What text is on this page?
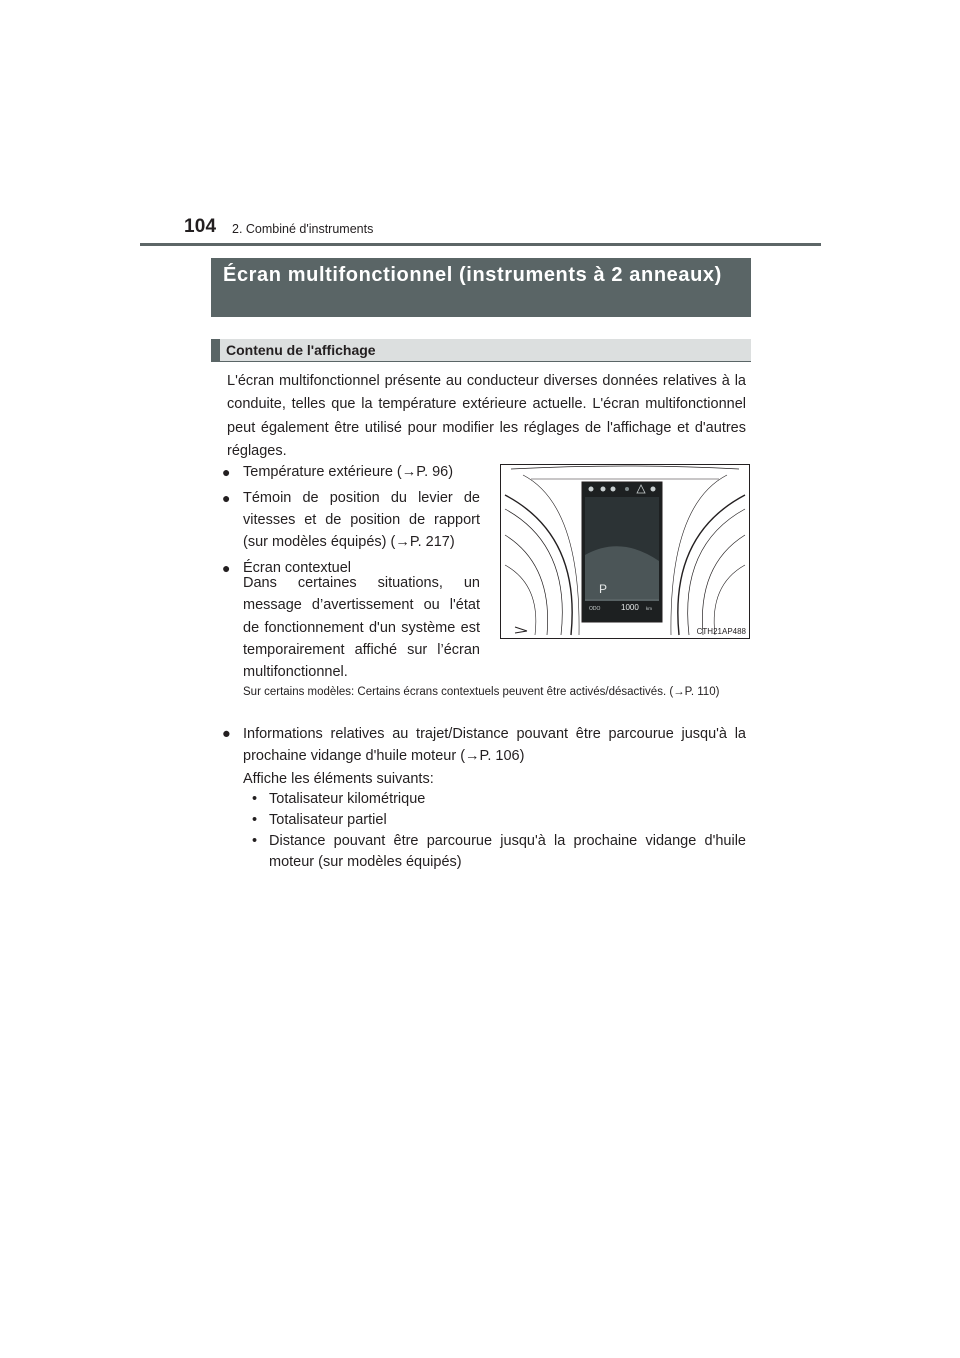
104 2. Combiné d'instruments
Écran multifonctionnel (instruments à 2 anneaux)
Contenu de l'affichage

L'écran multifonctionnel présente au conducteur diverses données relatives à la conduite, telles que la température extérieure actuelle. L'écran multifonctionnel peut également être utilisé pour modifier les réglages de l'affichage et d'autres réglages.

● Température extérieure (→P. 96)
● Témoin de position du levier de vitesses et de position de rapport (sur modèles équipés) (→P. 217)
● Écran contextuel

Dans certaines situations, un message d’avertissement ou l'état de fonctionnement d'un système est temporairement affiché sur l’écran multifonctionnel.

Sur certains modèles: Certains écrans contextuels peuvent être activés/désactivés. (→P. 110)

● Informations relatives au trajet/Distance pouvant être parcourue jusqu'à la prochaine vidange d'huile moteur (→P. 106)

Affiche les éléments suivants:

• Totalisateur kilométrique
• Totalisateur partiel
• Distance pouvant être parcourue jusqu'à la prochaine vidange d'huile moteur (sur modèles équipés)
P
ODO	1000 km
CTH21AP488
